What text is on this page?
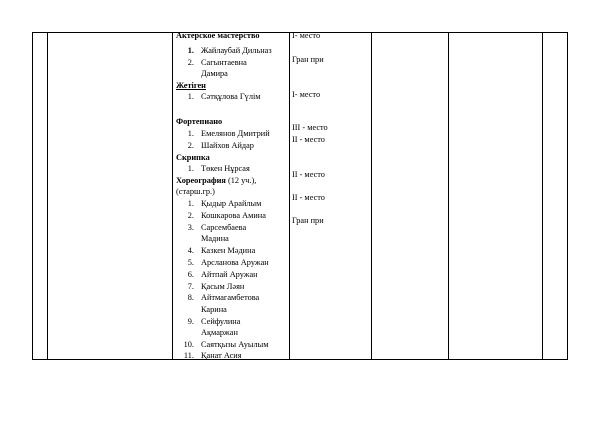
Актерское мастерство
1. Жайлаубай Дильназ
2. Сагынтаевна
Дамира
Жетіген
1. Сәтқұлова Гүлім
Фортепиано
1. Емелянов Дмитрий
2. Шайхов Айдар
Скрипка
1. Төкен Нұрсая
Хореография (12 уч.),
(старш.гр.)
1. Қыдыр Арайлым
2. Кошкарова Амина
3. Сарсембаева
Мадина
4. Казкен Мәдина
5. Арсланова Аружан
6. Айтпай Аружан
7. Қасым Ләян
8. Айтмагамбетова
Карина
9. Сейфулина
Ақмаржан
10. Саятқызы Ауылым
11. Қанат Асия
I- место
Гран при
I- место
III - место
II - место
II - место
II - место
Гран при
